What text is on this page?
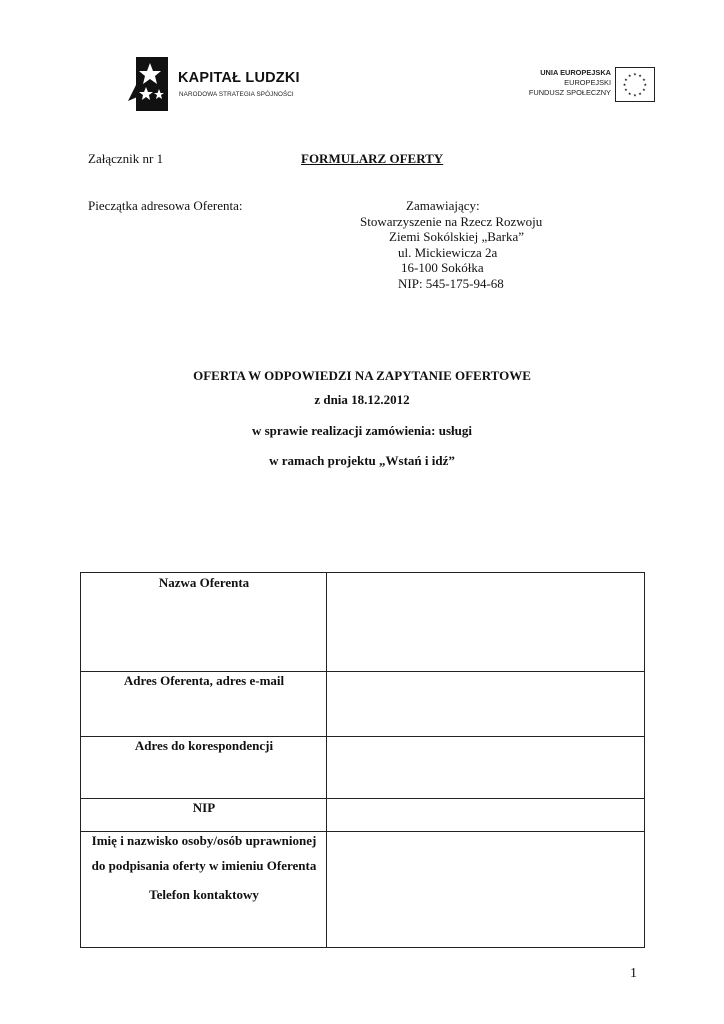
KAPITAŁ LUDZKI
NARODOWA STRATEGIA SPÓJNOŚCI
UNIA EUROPEJSKA
EUROPEJSKI
FUNDUSZ SPOŁECZNY
★ ★
★
★
★
★
★
★
★
★
★
★
Załącznik nr 1	FORMULARZ OFERTY
Pieczątka adresowa Oferenta:	Zamawiający:
Stowarzyszenie na Rzecz Rozwoju
Ziemi Sokólskiej „Barka”
ul. Mickiewicza 2a
16-100 Sokółka
NIP: 545-175-94-68
OFERTA W ODPOWIEDZI NA ZAPYTANIE OFERTOWE
z dnia 18.12.2012
w sprawie realizacji zamówienia: usługi
w ramach projektu „Wstań i idź”
Nazwa Oferenta
Adres Oferenta, adres e-mail
Adres do korespondencji
NIP
Imię i nazwisko osoby/osób uprawnionej
do podpisania oferty w imieniu Oferenta
Telefon kontaktowy
1
